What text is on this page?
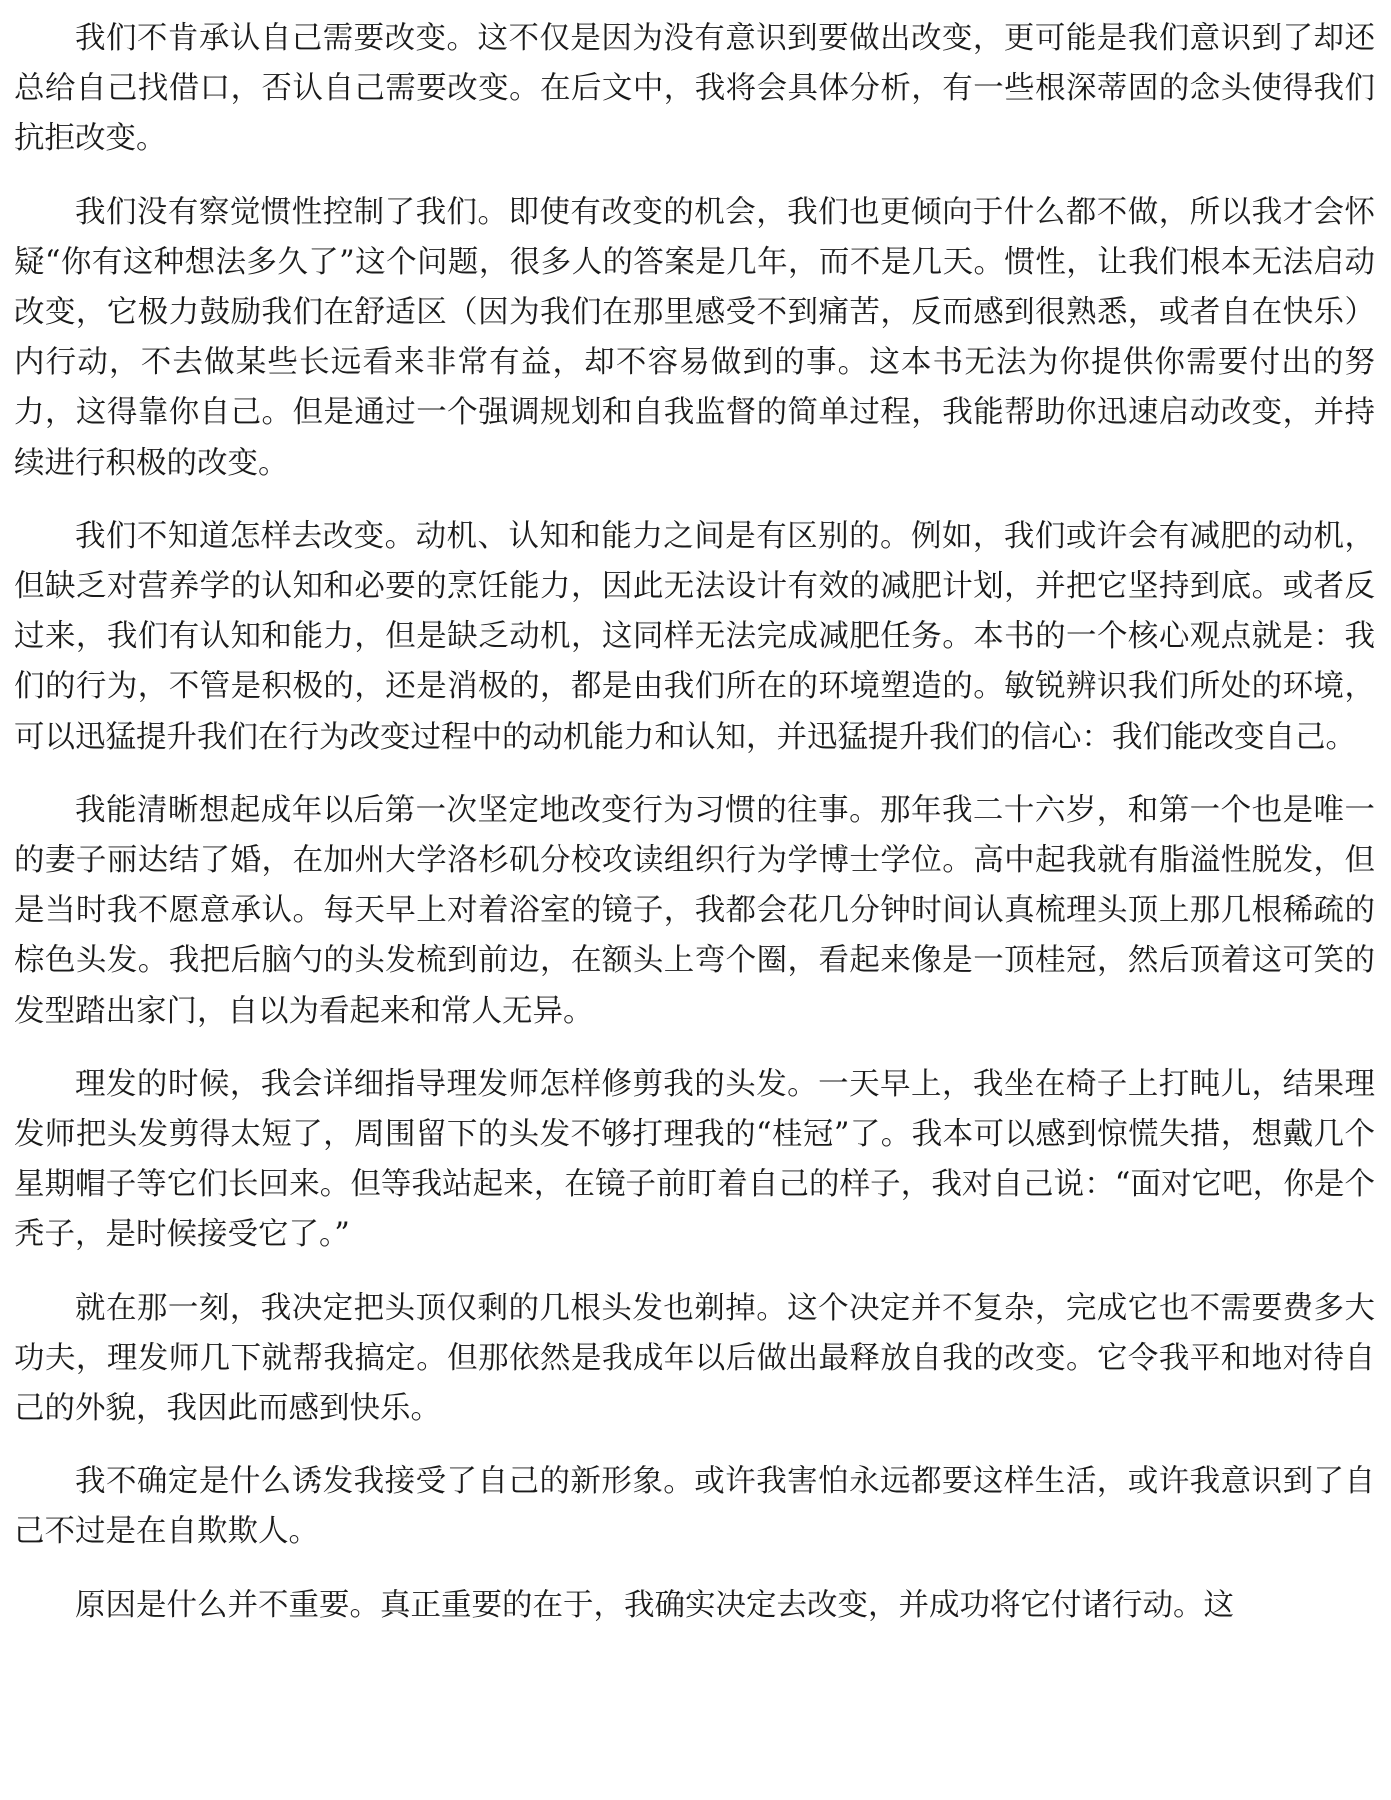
我们不肯承认自己需要改变。这不仅是因为没有意识到要做出改变，更可能是我们意识到了却还总给自己找借口，否认自己需要改变。在后文中，我将会具体分析，有一些根深蒂固的念头使得我们抗拒改变。

我们没有察觉惯性控制了我们。即使有改变的机会，我们也更倾向于什么都不做，所以我才会怀疑“你有这种想法多久了”这个问题，很多人的答案是几年，而不是几天。惯性，让我们根本无法启动改变，它极力鼓励我们在舒适区（因为我们在那里感受不到痛苦，反而感到很熟悉，或者自在快乐）内行动，不去做某些长远看来非常有益，却不容易做到的事。这本书无法为你提供你需要付出的努力，这得靠你自己。但是通过一个强调规划和自我监督的简单过程，我能帮助你迅速启动改变，并持续进行积极的改变。

我们不知道怎样去改变。动机、认知和能力之间是有区别的。例如，我们或许会有减肥的动机，但缺乏对营养学的认知和必要的烹饪能力，因此无法设计有效的减肥计划，并把它坚持到底。或者反过来，我们有认知和能力，但是缺乏动机，这同样无法完成减肥任务。本书的一个核心观点就是：我们的行为，不管是积极的，还是消极的，都是由我们所在的环境塑造的。敏锐辨识我们所处的环境，可以迅猛提升我们在行为改变过程中的动机能力和认知，并迅猛提升我们的信心：我们能改变自己。

我能清晰想起成年以后第一次坚定地改变行为习惯的往事。那年我二十六岁，和第一个也是唯一的妻子丽达结了婚，在加州大学洛杉矶分校攻读组织行为学博士学位。高中起我就有脂溢性脱发，但是当时我不愿意承认。每天早上对着浴室的镜子，我都会花几分钟时间认真梳理头顶上那几根稀疏的棕色头发。我把后脑勺的头发梳到前边，在额头上弯个圈，看起来像是一顶桂冠，然后顶着这可笑的发型踏出家门，自以为看起来和常人无异。

理发的时候，我会详细指导理发师怎样修剪我的头发。一天早上，我坐在椅子上打盹儿，结果理发师把头发剪得太短了，周围留下的头发不够打理我的“桂冠”了。我本可以感到惊慌失措，想戴几个星期帽子等它们长回来。但等我站起来，在镜子前盯着自己的样子，我对自己说：“面对它吧，你是个秃子，是时候接受它了。”

就在那一刻，我决定把头顶仅剩的几根头发也剃掉。这个决定并不复杂，完成它也不需要费多大功夫，理发师几下就帮我搞定。但那依然是我成年以后做出最释放自我的改变。它令我平和地对待自己的外貌，我因此而感到快乐。

我不确定是什么诱发我接受了自己的新形象。或许我害怕永远都要这样生活，或许我意识到了自己不过是在自欺欺人。

原因是什么并不重要。真正重要的在于，我确实决定去改变，并成功将它付诸行动。这
